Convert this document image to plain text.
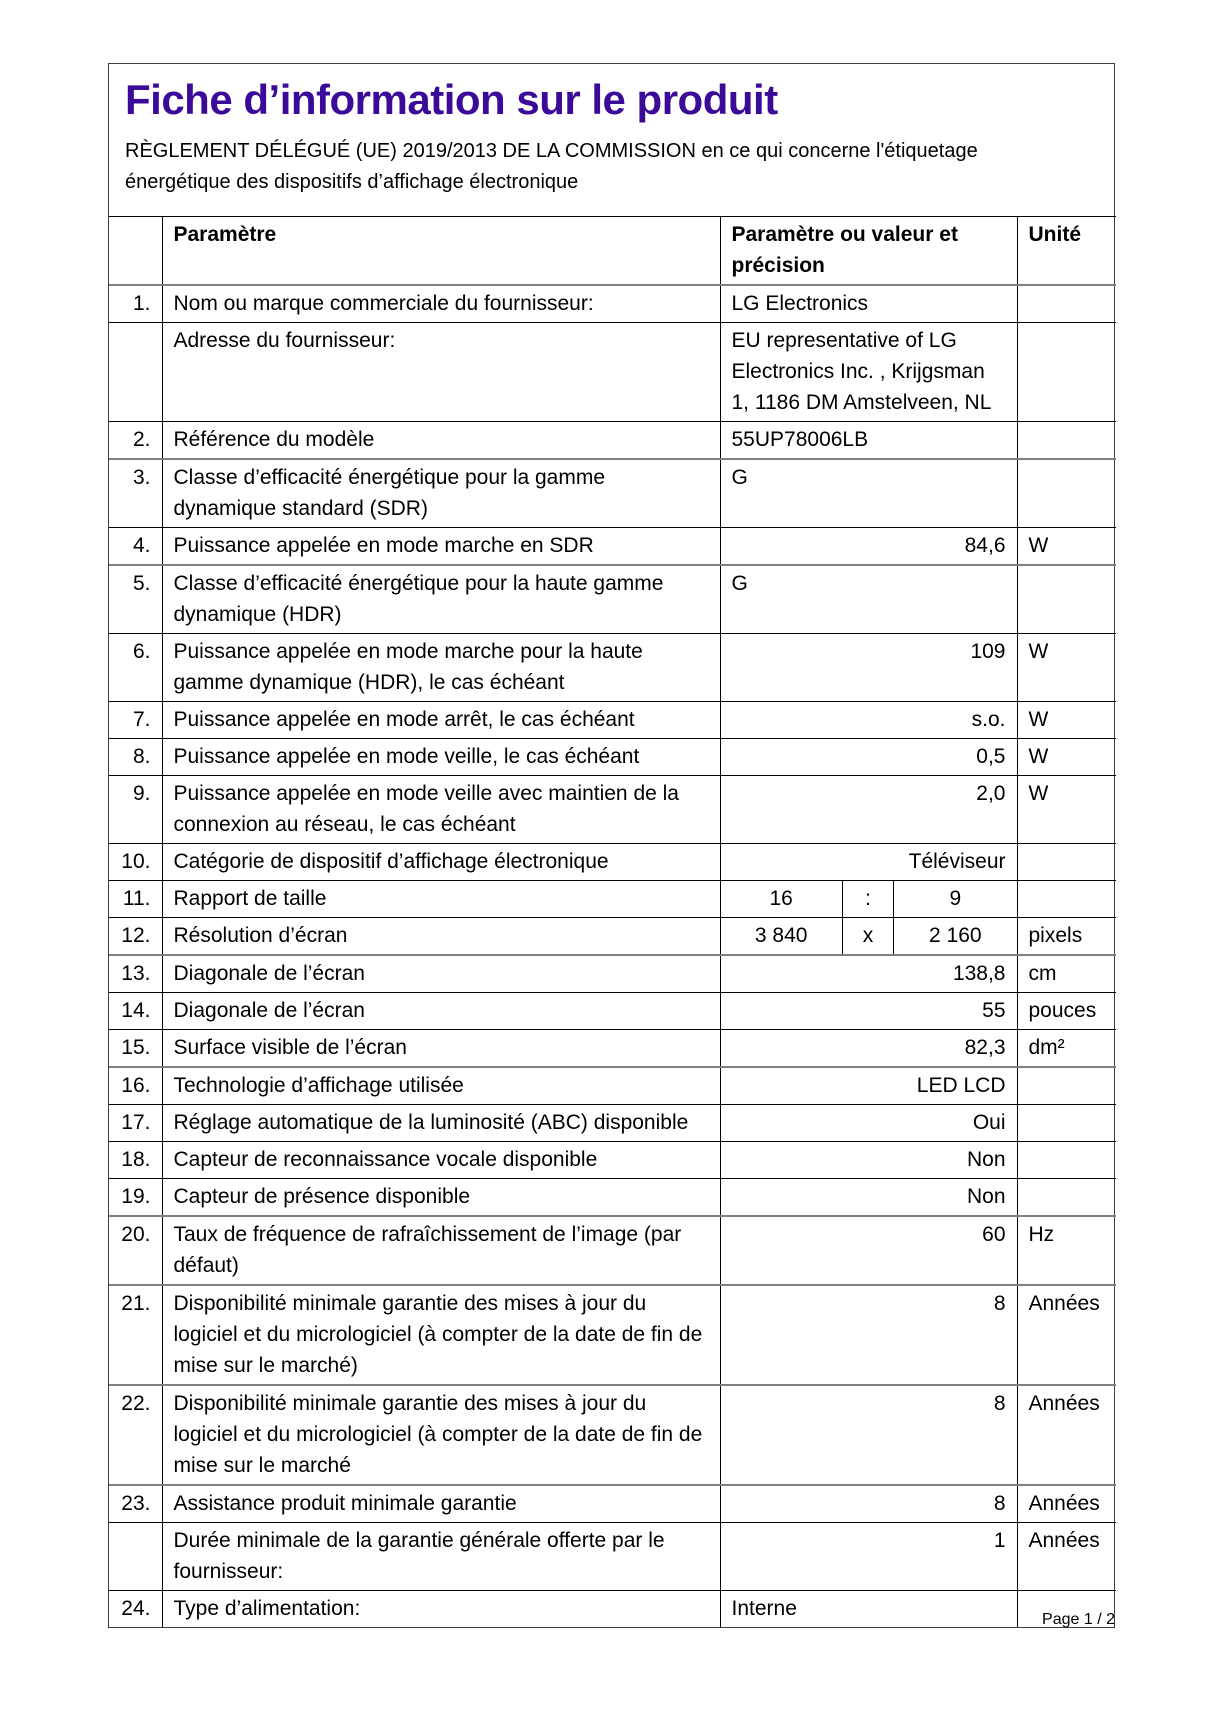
Fiche d’information sur le produit

RÈGLEMENT DÉLÉGUÉ (UE) 2019/2013 DE LA COMMISSION en ce qui concerne l'étiquetage énergétique des dispositifs d’affichage électronique

	Paramètre	Paramètre ou valeur et précision	Unité
1.	Nom ou marque commerciale du fournisseur:	LG Electronics	
	Adresse du fournisseur:	EU representative of LG Electronics Inc. , Krijgsman 1, 1186 DM Amstelveen, NL	
2.	Référence du modèle	55UP78006LB	
3.	Classe d’efficacité énergétique pour la gamme dynamique standard (SDR)	G	
4.	Puissance appelée en mode marche en SDR	84,6	W
5.	Classe d’efficacité énergétique pour la haute gamme dynamique (HDR)	G	
6.	Puissance appelée en mode marche pour la haute gamme dynamique (HDR), le cas échéant	109	W
7.	Puissance appelée en mode arrêt, le cas échéant	s.o.	W
8.	Puissance appelée en mode veille, le cas échéant	0,5	W
9.	Puissance appelée en mode veille avec maintien de la connexion au réseau, le cas échéant	2,0	W
10.	Catégorie de dispositif d’affichage électronique	Téléviseur	
11.	Rapport de taille	16 : 9	

12.	Résolution d’écran	3 840 x 2 160	pixels
13.	Diagonale de l’écran	138,8	cm
14.	Diagonale de l’écran	55	pouces
15.	Surface visible de l’écran	82,3	dm²
16.	Technologie d’affichage utilisée	LED LCD	
17.	Réglage automatique de la luminosité (ABC) disponible	Oui	
18.	Capteur de reconnaissance vocale disponible	Non	
19.	Capteur de présence disponible	Non	
20.	Taux de fréquence de rafraîchissement de l’image (par défaut)	60	Hz
21.	Disponibilité minimale garantie des mises à jour du logiciel et du micrologiciel (à compter de la date de fin de mise sur le marché)	8	Années
22.	Disponibilité minimale garantie des mises à jour du logiciel et du micrologiciel (à compter de la date de fin de mise sur le marché	8	Années
23.	Assistance produit minimale garantie	8	Années
	Durée minimale de la garantie générale offerte par le fournisseur:	1	Années
24.	Type d’alimentation:	Interne		Page 1 / 2
